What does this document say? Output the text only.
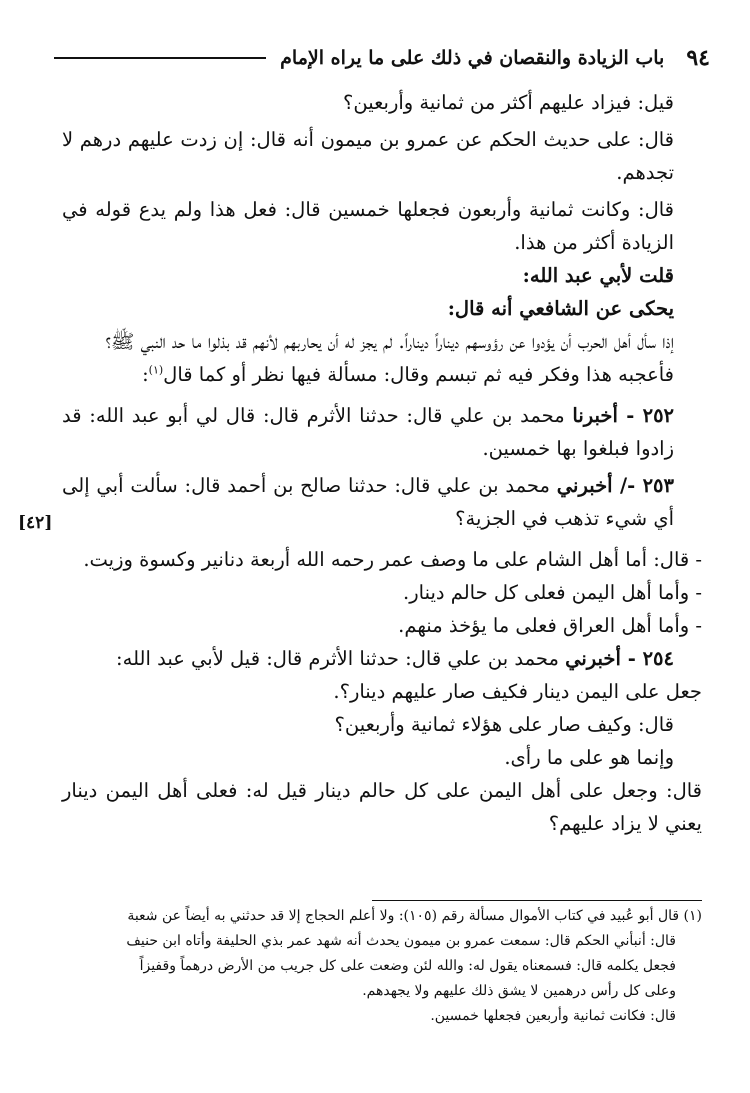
٩٤
باب الزيادة والنقصان في ذلك على ما يراه الإمام
[٤٢]
قيل: فيزاد عليهم أكثر من ثمانية وأربعين؟
قال: على حديث الحكم عن عمرو بن ميمون أنه قال: إن زدت عليهم درهم لا تجدهم.
قال: وكانت ثمانية وأربعون فجعلها خمسين قال: فعل هذا ولم يدع قوله في الزيادة أكثر من هذا.
قلت لأبي عبد الله:
يحكى عن الشافعي أنه قال:
إذا سأل أهل الحرب أن يؤدوا عن رؤوسهم ديناراً ديناراً. لم يجز له أن يحاربهم لأنهم قد بذلوا ما حد النبي ﷺ؟
فأعجبه هذا وفكر فيه ثم تبسم وقال: مسألة فيها نظر أو كما قال$^{(١)}$:
٢٥٢ - أخبرنا محمد بن علي قال: حدثنا الأثرم قال: قال لي أبو عبد الله: قد زادوا فبلغوا بها خمسين.
٢٥٣ -/ أخبرني محمد بن علي قال: حدثنا صالح بن أحمد قال: سألت أبي إلى أي شيء تذهب في الجزية؟
- قال: أما أهل الشام على ما وصف عمر رحمه الله أربعة دنانير وكسوة وزيت.
- وأما أهل اليمن فعلى كل حالم دينار.
- وأما أهل العراق فعلى ما يؤخذ منهم.
٢٥٤ - أخبرني محمد بن علي قال: حدثنا الأثرم قال: قيل لأبي عبد الله:
جعل على اليمن دينار فكيف صار عليهم دينار؟.
قال: وكيف صار على هؤلاء ثمانية وأربعين؟
وإنما هو على ما رأى.
قال: وجعل على أهل اليمن على كل حالم دينار قيل له: فعلى أهل اليمن دينار يعني لا يزاد عليهم؟
(١) قال أبو عُبيد في كتاب الأموال مسألة رقم (١٠٥): ولا أعلم الحجاج إلا قد حدثني به أيضاً عن شعبة
قال: أنبأني الحكم قال: سمعت عمرو بن ميمون يحدث أنه شهد عمر بذي الحليفة وأتاه ابن حنيف
فجعل يكلمه قال: فسمعناه يقول له: والله لئن وضعت على كل جريب من الأرض درهماً وقفيزاً
وعلى كل رأس درهمين لا يشق ذلك عليهم ولا يجهدهم.
قال: فكانت ثمانية وأربعين فجعلها خمسين.
